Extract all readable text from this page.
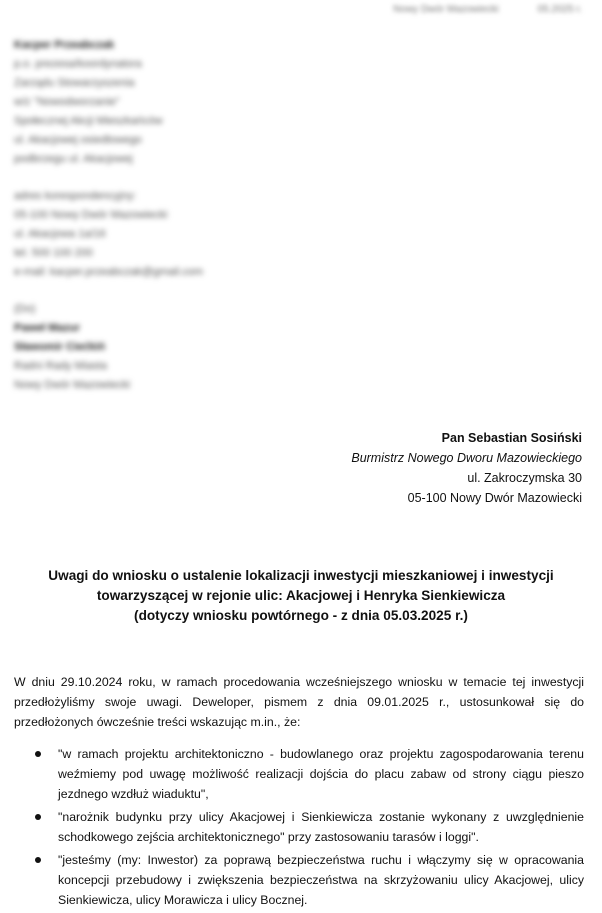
Nowy Dwór Mazowiecki	05.2025 r.
Kacper Przeabczak
p.o. prezesa/koordynatora
Zarządu Stowarzyszenia
w/z "Nowodworzanie"
Społecznej Akcji Mieszkańców
ul. Akacjowej osiedlowego
podbrzegu ul. Akacjowej
adres korespondencyjny:
05-100 Nowy Dwór Mazowiecki
ul. Akacjowa 1a/16
tel. 500 100 200
e-mail: kacper.przeabczak@gmail.com
(Do)
Paweł Mazur
Sławomir Ciećkiń
Radni Rady Miasta
Nowy Dwór Mazowiecki
Pan Sebastian Sosiński
Burmistrz Nowego Dworu Mazowieckiego
ul. Zakroczymska 30
05-100 Nowy Dwór Mazowiecki
Uwagi do wniosku o ustalenie lokalizacji inwestycji mieszkaniowej i inwestycji
towarzyszącej w rejonie ulic: Akacjowej i Henryka Sienkiewicza
(dotyczy wniosku powtórnego - z dnia 05.03.2025 r.)

W dniu 29.10.2024 roku, w ramach procedowania wcześniejszego wniosku w temacie tej inwestycji przedłożyliśmy swoje uwagi. Deweloper, pismem z dnia 09.01.2025 r., ustosunkował się do przedłożonych ówcześnie treści wskazując m.in., że:

"w ramach projektu architektoniczno - budowlanego oraz projektu zagospodarowania terenu weźmiemy pod uwagę możliwość realizacji dojścia do placu zabaw od strony ciągu pieszo jezdnego wzdłuż wiaduktu",
"narożnik budynku przy ulicy Akacjowej i Sienkiewicza zostanie wykonany z uwzględnienie schodkowego zejścia architektonicznego" przy zastosowaniu tarasów i loggi".
"jesteśmy (my: Inwestor) za poprawą bezpieczeństwa ruchu i włączymy się w opracowania koncepcji przebudowy i zwiększenia bezpieczeństwa na skrzyżowaniu ulicy Akacjowej, ulicy Sienkiewicza, ulicy Morawicza i ulicy Bocznej.
